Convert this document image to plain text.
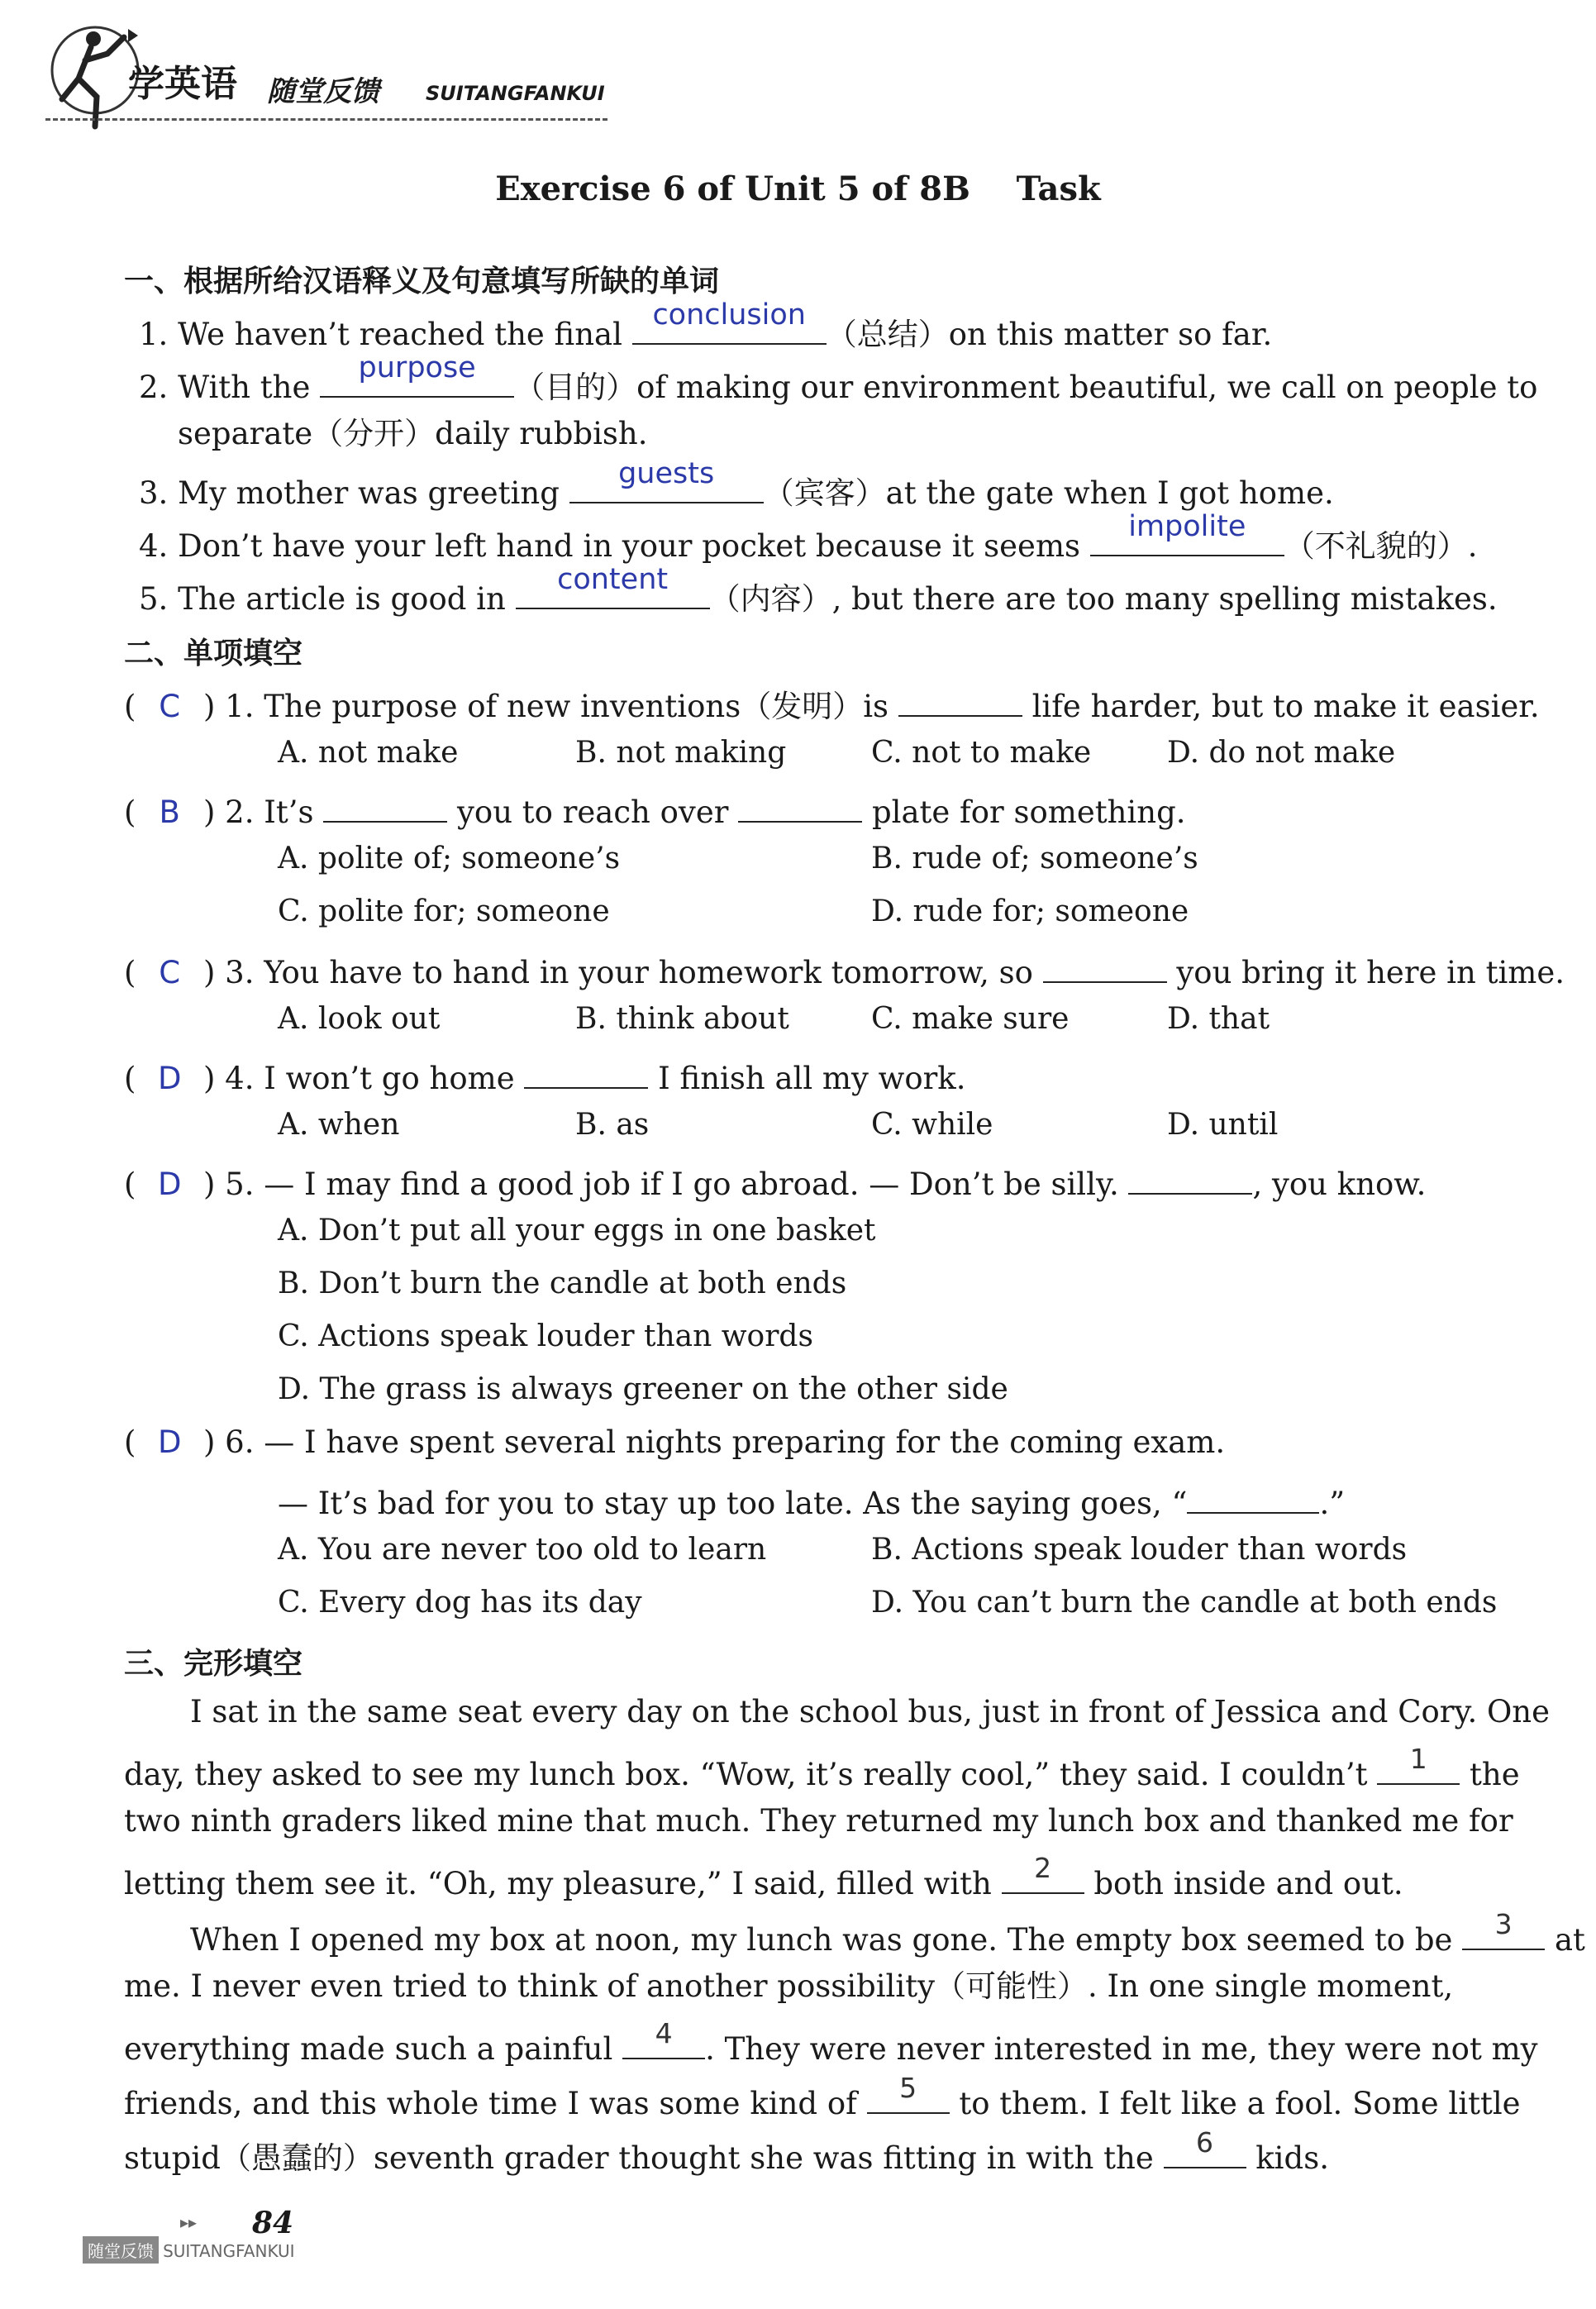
学英语 随堂反馈 SUITANGFANKUI
Exercise 6 of Unit 5 of 8B    Task
一、根据所给汉语释义及句意填写所缺的单词
1. We haven’t reached the final
conclusion
（总结）on this matter so far.
2. With the
purpose
（目的）of making our environment beautiful, we call on people to
separate（分开）daily rubbish.
3. My mother was greeting
guests
（宾客）at the gate when I got home.
4. Don’t have your left hand in your pocket because it seems
impolite
（不礼貌的）.
5. The article is good in
content
（内容）, but there are too many spelling mistakes.
二、单项填空
( C ) 1. The purpose of new inventions（发明）is	life harder, but to make it easier.
A. not make	B. not making	C. not to make	D. do not make
( B ) 2. It’s	you to reach over	plate for something.
A. polite of; someone’s	B. rude of; someone’s
C. polite for; someone	D. rude for; someone
( C ) 3. You have to hand in your homework tomorrow, so	you bring it here in time.
A. look out	B. think about	C. make sure	D. that
( D ) 4. I won’t go home	I finish all my work.
A. when	B. as	C. while	D. until
( D ) 5. — I may find a good job if I go abroad. — Don’t be silly.	, you know.
A. Don’t put all your eggs in one basket
B. Don’t burn the candle at both ends
C. Actions speak louder than words
D. The grass is always greener on the other side
( D ) 6. — I have spent several nights preparing for the coming exam.
— It’s bad for you to stay up too late. As the saying goes, “	.”
A. You are never too old to learn	B. Actions speak louder than words
C. Every dog has its day	D. You can’t burn the candle at both ends
三、完形填空
I sat in the same seat every day on the school bus, just in front of Jessica and Cory. One
day, they asked to see my lunch box. “Wow, it’s really cool,” they said. I couldn’t	1	the
two ninth graders liked mine that much. They returned my lunch box and thanked me for
letting them see it. “Oh, my pleasure,” I said, filled with	2	both inside and out.
When I opened my box at noon, my lunch was gone. The empty box seemed to be	3	at
me. I never even tried to think of another possibility（可能性）. In one single moment,
everything made such a painful	4	. They were never interested in me, they were not my
friends, and this whole time I was some kind of	5	to them. I felt like a fool. Some little
stupid（愚蠢的）seventh grader thought she was fitting in with the	6	kids.
▸▸ 84
随堂反馈 SUITANGFANKUI
